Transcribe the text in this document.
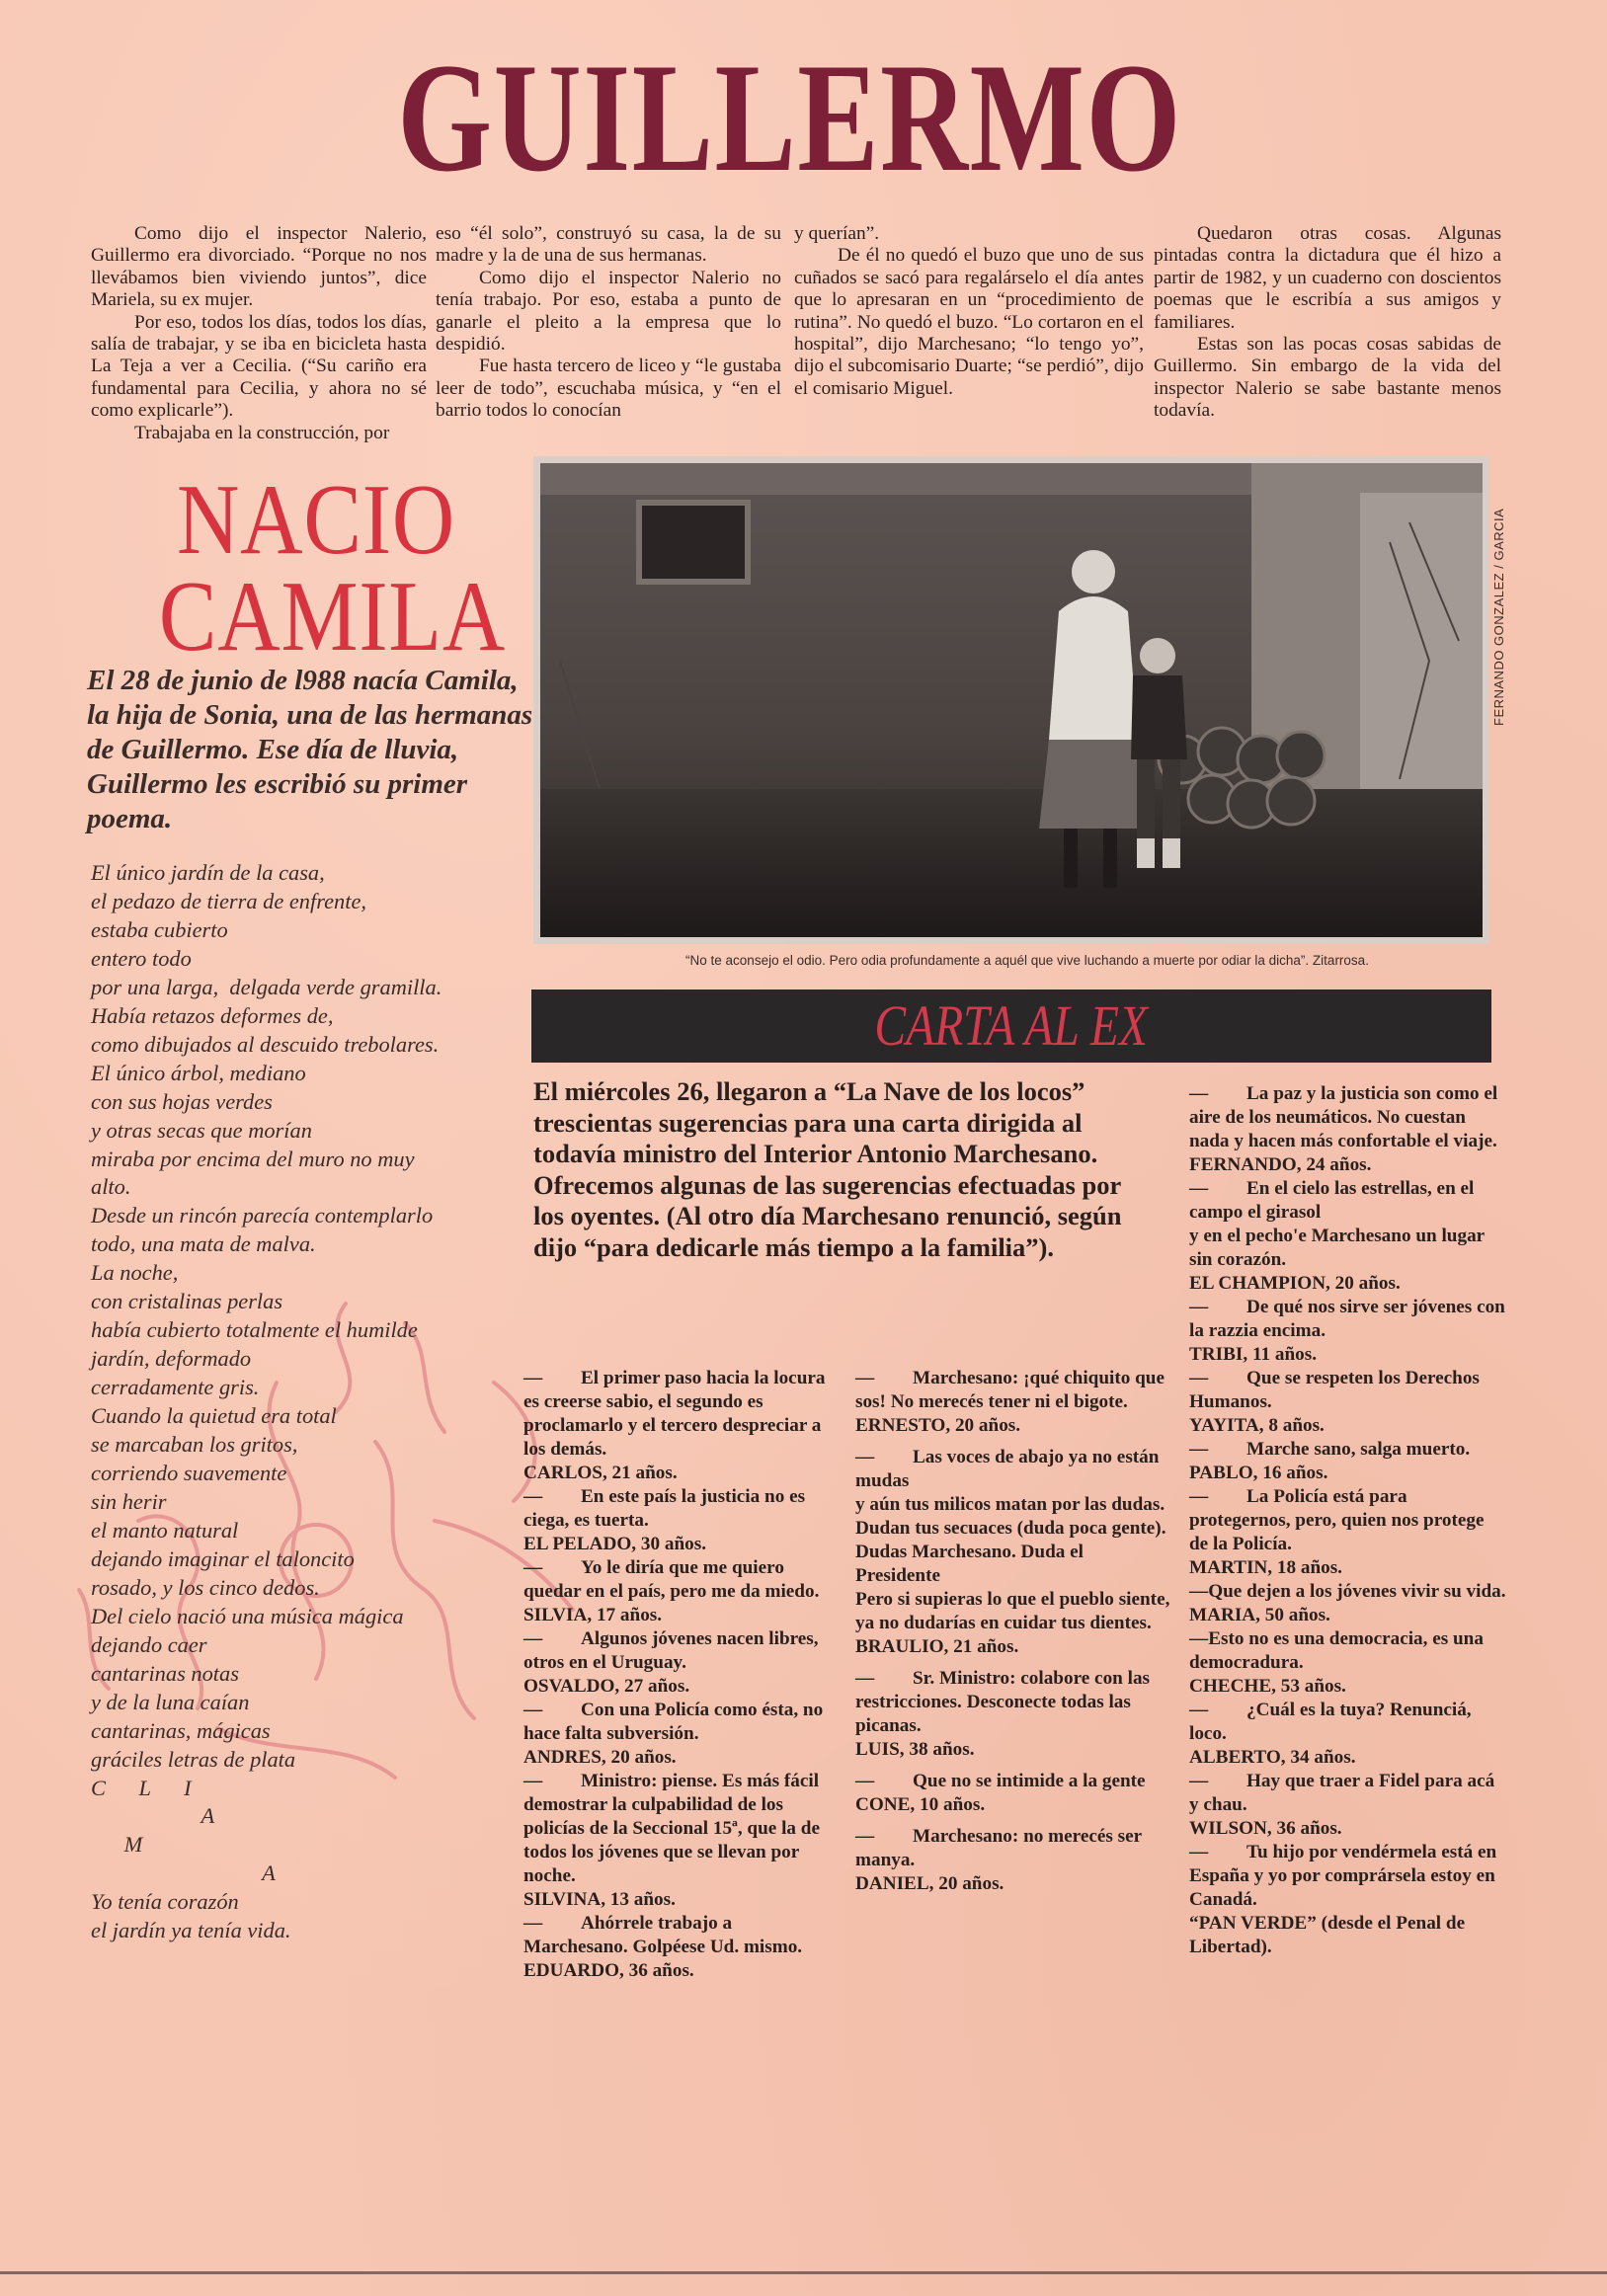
GUILLERMO

Como dijo el inspector Nalerio, Guillermo era divorciado. “Porque no nos llevábamos bien viviendo juntos”, dice Mariela, su ex mujer.

Por eso, todos los días, todos los días, salía de trabajar, y se iba en bicicleta hasta La Teja a ver a Cecilia. (“Su cariño era fundamental para Cecilia, y ahora no sé como explicarle”).

Trabajaba en la construcción, por

eso “él solo”, construyó su casa, la de su madre y la de una de sus hermanas.

Como dijo el inspector Nalerio no tenía trabajo. Por eso, estaba a punto de ganarle el pleito a la empresa que lo despidió.

Fue hasta tercero de liceo y “le gustaba leer de todo”, escuchaba música, y “en el barrio todos lo conocían

y querían”.

De él no quedó el buzo que uno de sus cuñados se sacó para regalárselo el día antes que lo apresaran en un “procedimiento de rutina”. No quedó el buzo. “Lo cortaron en el hospital”, dijo Marchesano; “lo tengo yo”, dijo el subcomisario Duarte; “se perdió”, dijo el comisario Miguel.

Quedaron otras cosas. Algunas pintadas contra la dictadura que él hizo a partir de 1982, y un cuaderno con doscientos poemas que le escribía a sus amigos y familiares.

Estas son las pocas cosas sabidas de Guillermo. Sin embargo de la vida del inspector Nalerio se sabe bastante menos todavía.

NACIO
CAMILA
El 28 de junio de l988 nacía Camila, la hija de Sonia, una de las hermanas de Guillermo. Ese día de lluvia, Guillermo les escribió su primer poema.
El único jardín de la casa,
el pedazo de tierra de enfrente,
estaba cubierto
entero todo
por una larga,  delgada verde gramilla.
Había retazos deformes de,
como dibujados al descuido trebolares.
El único árbol, mediano
con sus hojas verdes
y otras secas que morían
miraba por encima del muro no muy
alto.
Desde un rincón parecía contemplarlo
todo, una mata de malva.
La noche,
con cristalinas perlas
había cubierto totalmente el humilde
jardín, deformado
cerradamente gris.
Cuando la quietud era total
se marcaban los gritos,
corriendo suavemente
sin herir
el manto natural
dejando imaginar el taloncito
rosado, y los cinco dedos.
Del cielo nació una música mágica
dejando caer
cantarinas notas
y de la luna caían
cantarinas, mágicas
gráciles letras de plata
C      L      I
A
M
A
Yo tenía corazón
el jardín ya tenía vida.
FERNANDO GONZALEZ / GARCIA
“No te aconsejo el odio. Pero odia profundamente a aquél que vive luchando a muerte por odiar la dicha”. Zitarrosa.
CARTA AL EX
El miércoles 26, llegaron a “La Nave de los locos” trescientas sugerencias para una carta dirigida al todavía ministro del Interior Antonio Marchesano. Ofrecemos algunas de las sugerencias efectuadas por los oyentes. (Al otro día Marchesano renunció, según dijo “para dedicarle más tiempo a la familia”).
— El primer paso hacia la locura es creerse sabio, el segundo es proclamarlo y el tercero despreciar a los demás.
CARLOS, 21 años.
— En este país la justicia no es ciega, es tuerta.
EL PELADO, 30 años.
— Yo le diría que me quiero quedar en el país, pero me da miedo.
SILVIA, 17 años.
— Algunos jóvenes nacen libres, otros en el Uruguay.
OSVALDO, 27 años.
— Con una Policía como ésta, no hace falta subversión.
ANDRES, 20 años.
— Ministro: piense. Es más fácil demostrar la culpabilidad de los policías de la Seccional 15ª, que la de todos los jóvenes que se llevan por noche.
SILVINA, 13 años.
— Ahórrele trabajo a Marchesano. Golpéese Ud. mismo.
EDUARDO, 36 años.
— Marchesano: ¡qué chiquito que sos! No merecés tener ni el bigote.
ERNESTO, 20 años.
— Las voces de abajo ya no están mudas
y aún tus milicos matan por las dudas.
Dudan tus secuaces (duda poca gente).
Dudas Marchesano. Duda el Presidente
Pero si supieras lo que el pueblo siente,
ya no dudarías en cuidar tus dientes.
BRAULIO, 21 años.
— Sr. Ministro: colabore con las restricciones. Desconecte todas las picanas.
LUIS, 38 años.
— Que no se intimide a la gente
CONE, 10 años.
— Marchesano: no merecés ser manya.
DANIEL, 20 años.
— La paz y la justicia son como el aire de los neumáticos. No cuestan nada y hacen más confortable el viaje.
FERNANDO, 24 años.
— En el cielo las estrellas, en el campo el girasol
y en el pecho'e Marchesano un lugar sin corazón.
EL CHAMPION, 20 años.
— De qué nos sirve ser jóvenes con la razzia encima.
TRIBI, 11 años.
— Que se respeten los Derechos Humanos.
YAYITA, 8 años.
— Marche sano, salga muerto.
PABLO, 16 años.
— La Policía está para protegernos, pero, quien nos protege de la Policía.
MARTIN, 18 años.
—Que dejen a los jóvenes vivir su vida.
MARIA, 50 años.
—Esto no es una democracia, es una democradura.
CHECHE, 53 años.
— ¿Cuál es la tuya? Renunciá, loco.
ALBERTO, 34 años.
— Hay que traer a Fidel para acá y chau.
WILSON, 36 años.
— Tu hijo por vendérmela está en España y yo por comprársela estoy en Canadá.
“PAN VERDE” (desde el Penal de Libertad).
